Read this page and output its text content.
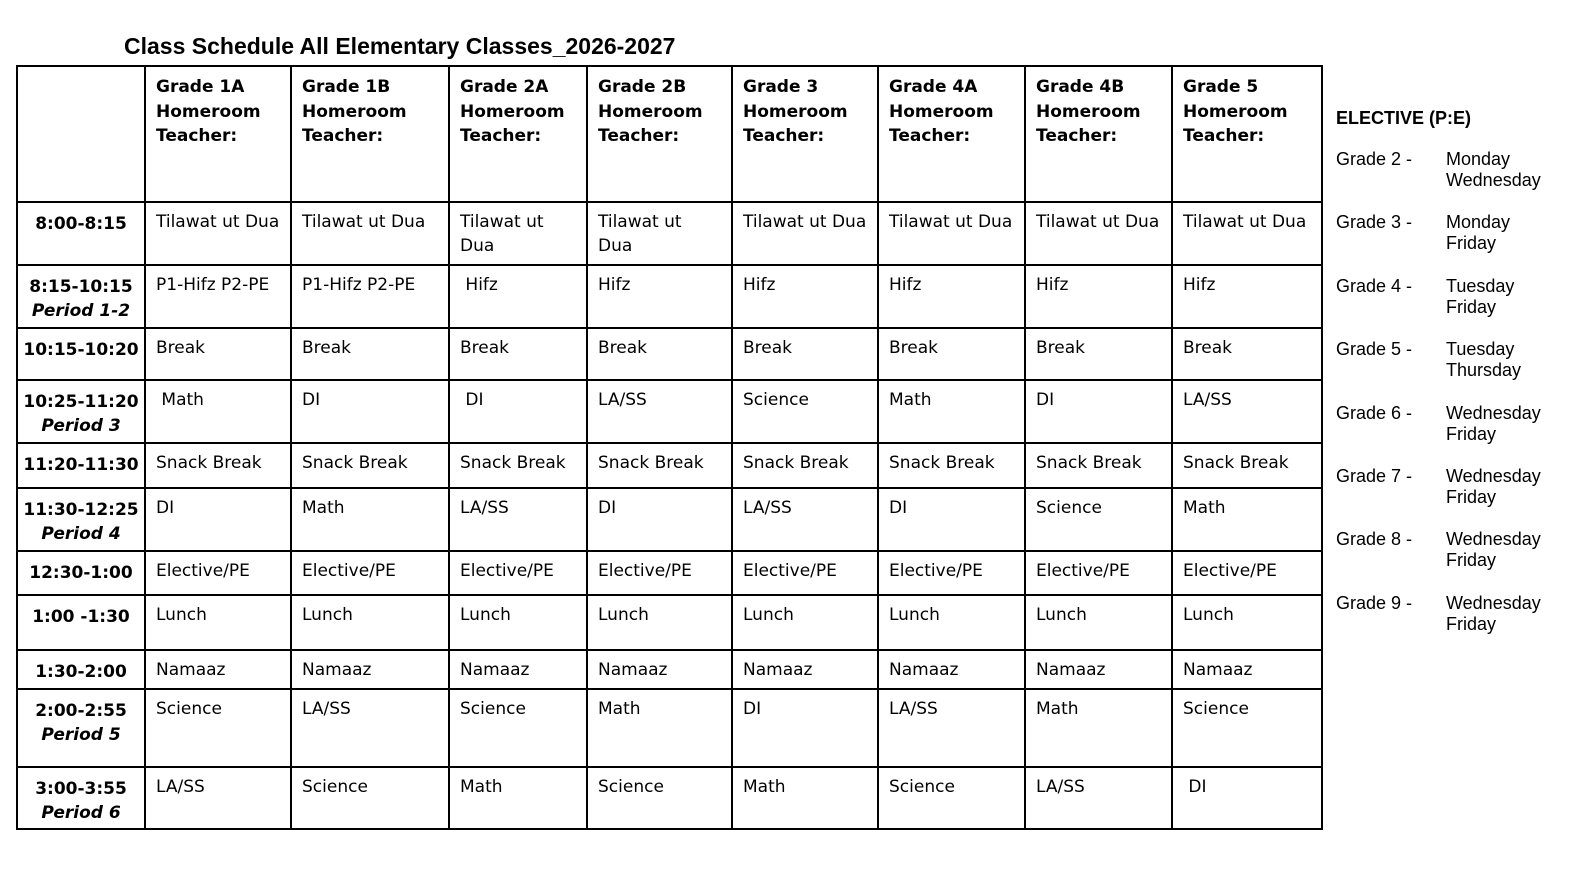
Class Schedule All Elementary Classes_2026-2027

	Grade 1A
Homeroom
Teacher:	Grade 1B
Homeroom
Teacher:	Grade 2A
Homeroom
Teacher:	Grade 2B
Homeroom
Teacher:	Grade 3
Homeroom
Teacher:	Grade 4A
Homeroom
Teacher:	Grade 4B
Homeroom
Teacher:	Grade 5
Homeroom
Teacher:

8:00-8:15	Tilawat ut Dua	Tilawat ut Dua	Tilawat ut
Dua	Tilawat ut Dua	Tilawat ut Dua	Tilawat ut Dua	Tilawat ut Dua	Tilawat ut Dua

8:15-10:15
Period 1-2	P1-Hifz P2-PE	P1-Hifz P2-PE	Hifz	Hifz	Hifz	Hifz	Hifz	Hifz

10:15-10:20	Break	Break	Break	Break	Break	Break	Break	Break

10:25-11:20
Period 3	Math	DI	DI	LA/SS	Science	Math	DI	LA/SS

11:20-11:30	Snack Break	Snack Break	Snack Break	Snack Break	Snack Break	Snack Break	Snack Break	Snack Break

11:30-12:25
Period 4	DI	Math	LA/SS	DI	LA/SS	DI	Science	Math

12:30-1:00	Elective/PE	Elective/PE	Elective/PE	Elective/PE	Elective/PE	Elective/PE	Elective/PE	Elective/PE

1:00 -1:30	Lunch	Lunch	Lunch	Lunch	Lunch	Lunch	Lunch	Lunch

1:30-2:00	Namaaz	Namaaz	Namaaz	Namaaz	Namaaz	Namaaz	Namaaz	Namaaz

2:00-2:55
Period 5	Science	LA/SS	Science	Math	DI	LA/SS	Math	Science

3:00-3:55
Period 6	LA/SS	Science	Math	Science	Math	Science	LA/SS	DI
ELECTIVE (P:E)
Grade 2 - Monday
Wednesday
Grade 3 - Monday
Friday
Grade 4 - Tuesday
Friday
Grade 5 - Tuesday
Thursday
Grade 6 - Wednesday
Friday
Grade 7 - Wednesday
Friday
Grade 8 - Wednesday
Friday
Grade 9 - Wednesday
Friday
